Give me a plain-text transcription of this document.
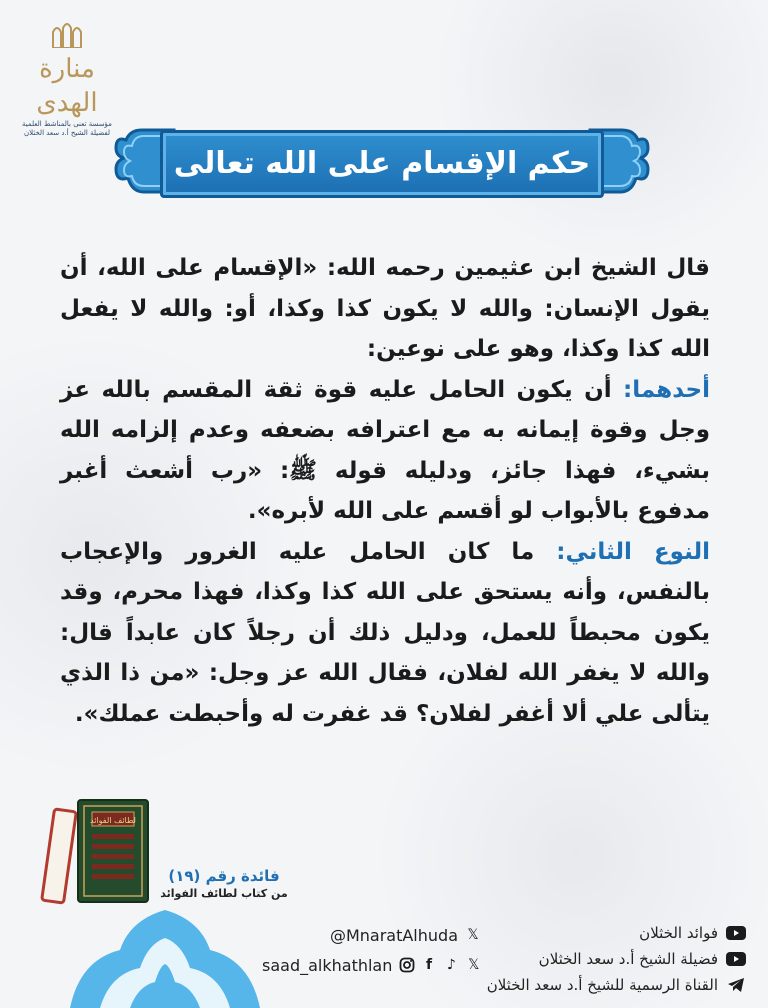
منارة الهدى
مؤسسة تعنى بالمناشط العلمية لفضيلة الشيخ أ.د سعد الخثلان
حكم الإقسام على الله تعالى

قال الشيخ ابن عثيمين رحمه الله: «الإقسام على الله، أن يقول الإنسان: والله لا يكون كذا وكذا، أو: والله لا يفعل الله كذا وكذا، وهو على نوعين:

أحدهما: أن يكون الحامل عليه قوة ثقة المقسم بالله عز وجل وقوة إيمانه به مع اعترافه بضعفه وعدم إلزامه الله بشيء، فهذا جائز، ودليله قوله ﷺ: «رب أشعث أغبر مدفوع بالأبواب لو أقسم على الله لأبره».

النوع الثاني: ما كان الحامل عليه الغرور والإعجاب بالنفس، وأنه يستحق على الله كذا وكذا، فهذا محرم، وقد يكون محبطاً للعمل، ودليل ذلك أن رجلاً كان عابداً قال: والله لا يغفر الله لفلان، فقال الله عز وجل: «من ذا الذي يتألى علي ألا أغفر لفلان؟ قد غفرت له وأحبطت عملك».

لطائف الفوائد
فائدة رقم (١٩)
من كتاب لطائف الفوائد
@MnaratAlhuda 𝕏
saad_alkhathlan	f	♪ 𝕏
فوائد الخثلان
فضيلة الشيخ أ.د سعد الخثلان
القناة الرسمية للشيخ أ.د سعد الخثلان
